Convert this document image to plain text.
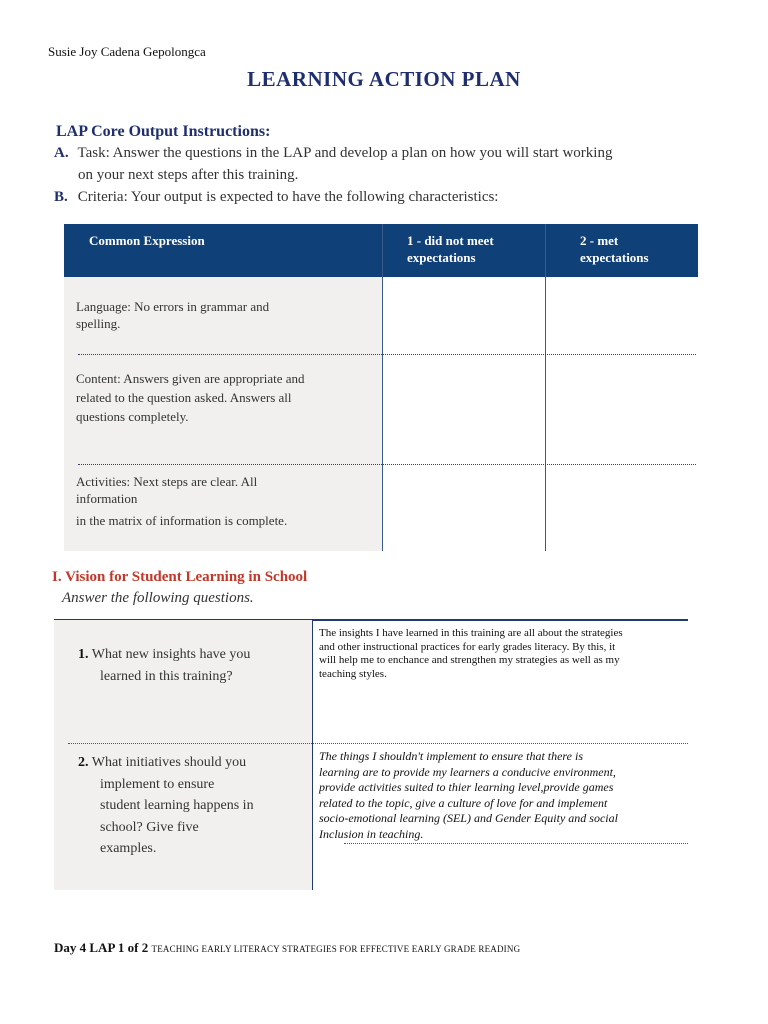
Susie Joy Cadena Gepolongca
LEARNING ACTION PLAN
LAP Core Output Instructions:
A. Task: Answer the questions in the LAP and develop a plan on how you will start working
on your next steps after this training.
B. Criteria: Your output is expected to have the following characteristics:
Common Expression	1 - did not meet
expectations
2 - met
expectations
Language: No errors in grammar and
spelling.
Content: Answers given are appropriate and
related to the question asked. Answers all
questions completely.
Activities: Next steps are clear. All
information
in the matrix of information is complete.
I. Vision for Student Learning in School
Answer the following questions.
1. What new insights have you
learned in this training?
The insights I have learned in this training are all about the strategies
and other instructional practices for early grades literacy. By this, it
will help me to enchance and strengthen my strategies as well as my
teaching styles.
2. What initiatives should you
implement to ensure
student learning happens in
school? Give five
examples.
The things I shouldn't implement to ensure that there is
learning are to provide my learners a conducive environment,
provide activities suited to thier learning level,provide games
related to the topic, give a culture of love for and implement
socio-emotional learning (SEL) and Gender Equity and social
Inclusion in teaching.
Day 4 LAP 1 of 2 TEACHING EARLY LITERACY STRATEGIES FOR EFFECTIVE EARLY GRADE READING
